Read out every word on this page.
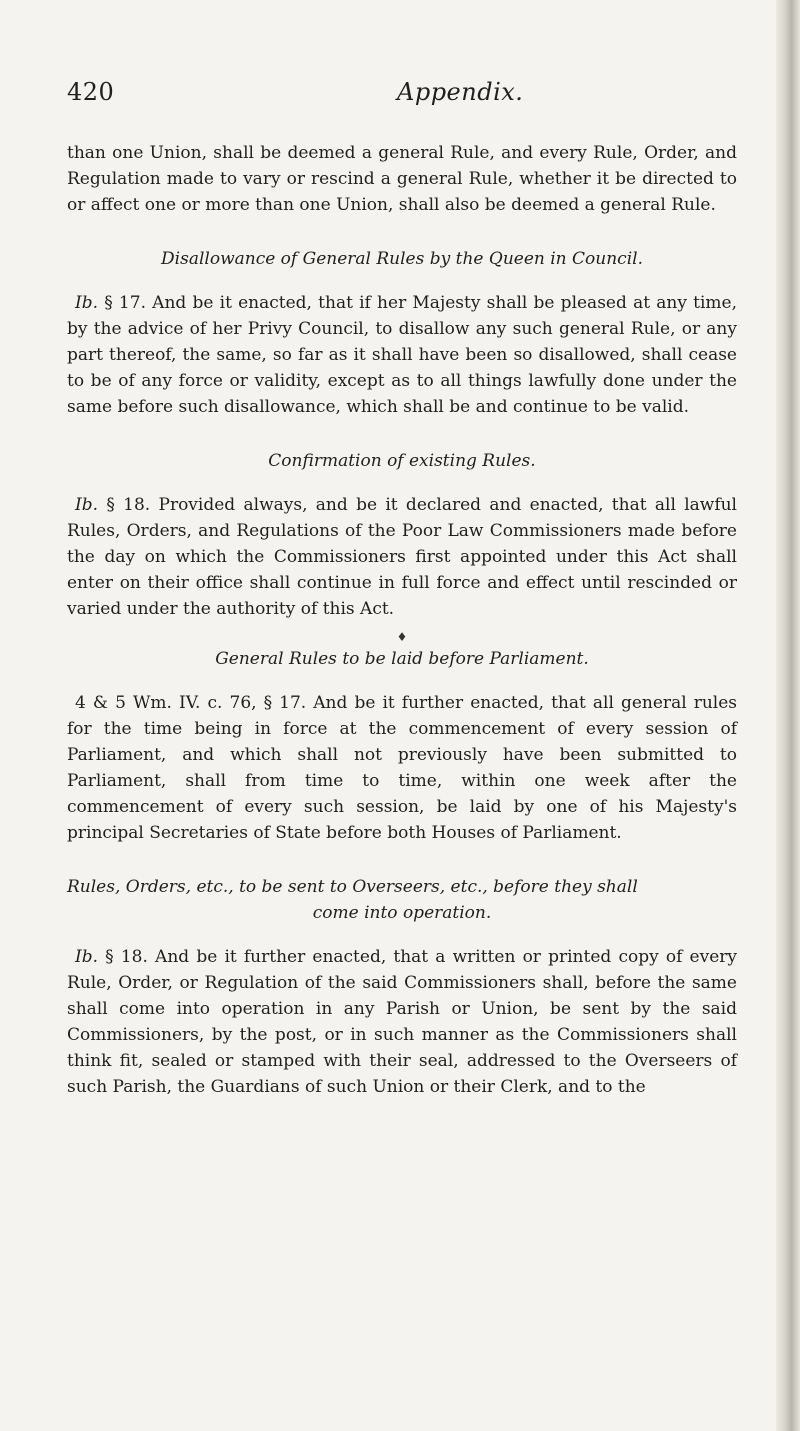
420	Appendix.

than one Union, shall be deemed a general Rule, and every Rule, Order, and Regulation made to vary or rescind a general Rule, whether it be directed to or affect one or more than one Union, shall also be deemed a general Rule.

Disallowance of General Rules by the Queen in Council.

Ib. § 17. And be it enacted, that if her Majesty shall be pleased at any time, by the advice of her Privy Council, to disallow any such general Rule, or any part thereof, the same, so far as it shall have been so disallowed, shall cease to be of any force or validity, except as to all things lawfully done under the same before such disallowance, which shall be and continue to be valid.

Confirmation of existing Rules.

Ib. § 18. Provided always, and be it declared and enacted, that all lawful Rules, Orders, and Regulations of the Poor Law Commissioners made before the day on which the Commissioners first appointed under this Act shall enter on their office shall continue in full force and effect until rescinded or varied under the authority of this Act.

♦

General Rules to be laid before Parliament.

4 & 5 Wm. IV. c. 76, § 17. And be it further enacted, that all general rules for the time being in force at the commencement of every session of Parliament, and which shall not previously have been submitted to Parliament, shall from time to time, within one week after the commencement of every such session, be laid by one of his Majesty's principal Secretaries of State before both Houses of Parliament.

Rules, Orders, etc., to be sent to Overseers, etc., before they shall
come into operation.

Ib. § 18. And be it further enacted, that a written or printed copy of every Rule, Order, or Regulation of the said Commissioners shall, before the same shall come into operation in any Parish or Union, be sent by the said Commissioners, by the post, or in such manner as the Commissioners shall think fit, sealed or stamped with their seal, addressed to the Overseers of such Parish, the Guardians of such Union or their Clerk, and to the
